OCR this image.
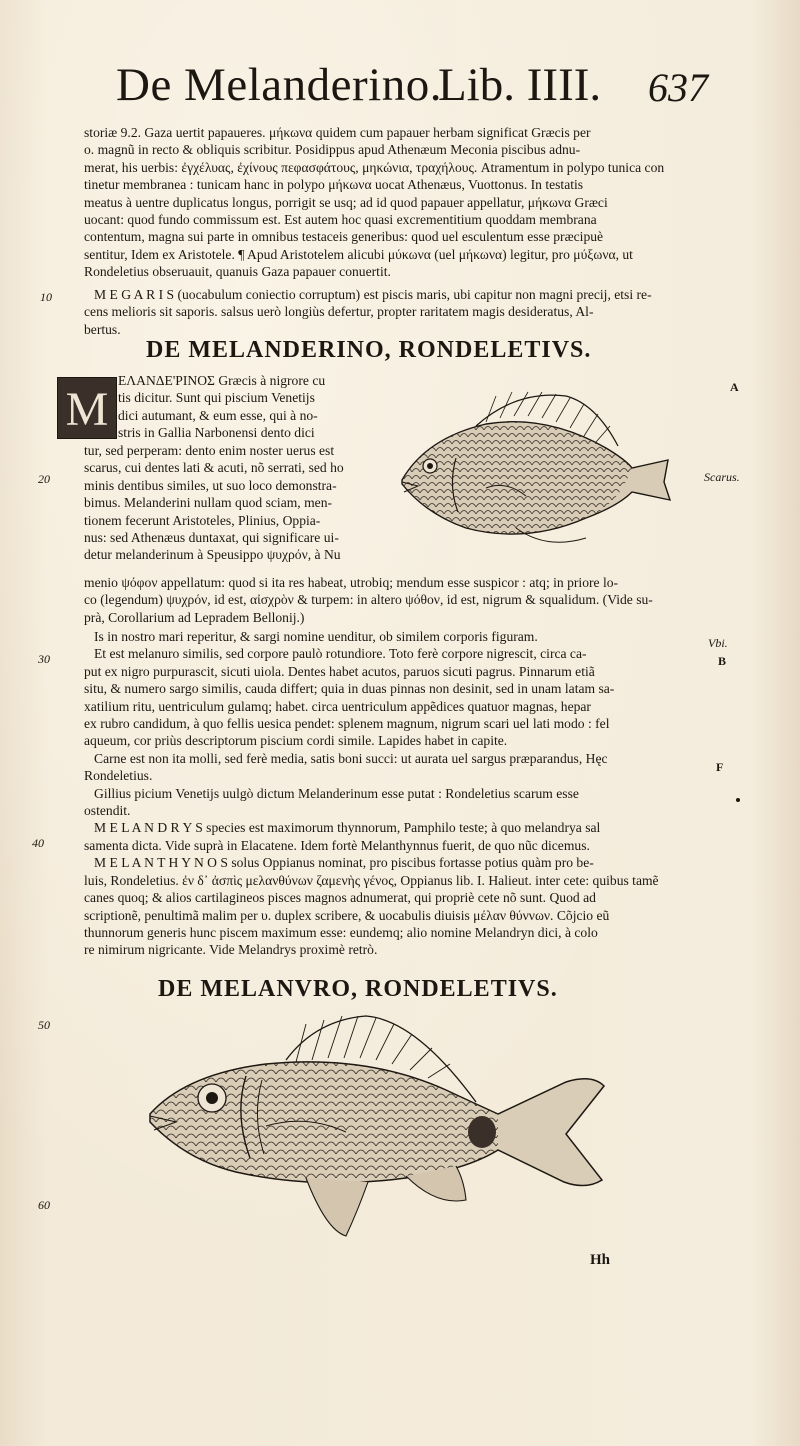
De Melanderino.
Lib. IIII. 637
storiæ 9.2. Gaza uertit papaueres. μήκωνα quidem cum papauer herbam significat Græcis per
o. magnũ in recto & obliquis scribitur. Posidippus apud Athenæum Meconia piscibus adnu-
merat, his uerbis: ἐγχέλυας, ἐχίνους πεφασφάτους, μηκώνια, τραχήλους. Atramentum in polypo tunica con
tinetur membranea : tunicam hanc in polypo μήκωνα uocat Athenæus, Vuottonus. In testatis
meatus à uentre duplicatus longus, porrigit se usq; ad id quod papauer appellatur, μήκωνα Græci
uocant: quod fundo commissum est. Est autem hoc quasi excrementitium quoddam membrana
contentum, magna sui parte in omnibus testaceis generibus: quod uel esculentum esse præcipuè
sentitur, Idem ex Aristotele. ¶ Apud Aristotelem alicubi μύκωνα (uel μήκωνα) legitur, pro μύξωνα, ut
Rondeletius obseruauit, quanuis Gaza papauer conuertit.
10	M E G A R I S (uocabulum coniectio corruptum) est piscis maris, ubi capitur non magni precij, etsi re-
cens melioris sit saporis. salsus uerò longiùs defertur, propter raritatem magis desideratus, Al-
bertus.
DE MELANDERINO, RONDELETIVS.
M
ΕΛΑΝΔΕ'ΡΙΝΟΣ Græcis à nigrore cu
tis dicitur. Sunt qui piscium Venetijs
dici autumant, & eum esse, qui à no-
stris in Gallia Narbonensi dento dici
tur, sed perperam: dento enim noster uerus est
scarus, cui dentes lati & acuti, nõ serrati, sed ho
minis dentibus similes, ut suo loco demonstra-
bimus. Melanderini nullam quod sciam, men-
tionem fecerunt Aristoteles, Plinius, Oppia-
nus: sed Athenæus duntaxat, qui significare ui-
detur melanderinum à Speusippo ψυχρόν, à Nu
20
A
Scarus.
menio ψόφον appellatum: quod si ita res habeat, utrobiq; mendum esse suspicor : atq; in priore lo-
co (legendum) ψυχρόν, id est, αἰσχρὸν & turpem: in altero ψόθον, id est, nigrum & squalidum. (Vide su-
prà, Corollarium ad Lepradem Bellonij.)
Is in nostro mari reperitur, & sargi nomine uenditur, ob similem corporis figuram.
Et est melanuro similis, sed corpore paulò rotundiore. Toto ferè corpore nigrescit, circa ca-
put ex nigro purpurascit, sicuti uiola. Dentes habet acutos, paruos sicuti pagrus. Pinnarum etiã
situ, & numero sargo similis, cauda differt; quia in duas pinnas non desinit, sed in unam latam sa-
xatilium ritu, uentriculum gulamq; habet. circa uentriculum appẽdices quatuor magnas, hepar
ex rubro candidum, à quo fellis uesica pendet: splenem magnum, nigrum scari uel lati modo : fel
aqueum, cor priùs descriptorum piscium cordi simile. Lapides habet in capite.
Carne est non ita molli, sed ferè media, satis boni succi: ut aurata uel sargus præparandus, Hęc
Rondeletius.
Gillius picium Venetijs uulgò dictum Melanderinum esse putat : Rondeletius scarum esse
ostendit.
M E L A N D R Y S species est maximorum thynnorum, Pamphilo teste; à quo melandrya sal
samenta dicta. Vide suprà in Elacatene. Idem fortè Melanthynnus fuerit, de quo nũc dicemus.
M E L A N T H Y N O S solus Oppianus nominat, pro piscibus fortasse potius quàm pro be-
luis, Rondeletius. ἐν δ᾽ ἀσπὶς μελανθύνων ζαμενὴς γένος, Oppianus lib. I. Halieut. inter cete: quibus tamẽ
canes quoq; & alios cartilagineos pisces magnos adnumerat, qui propriè cete nõ sunt. Quod ad
scriptionẽ, penultimã malim per υ. duplex scribere, & uocabulis diuisis μέλαν θύννων. Cõjcio eũ
thunnorum generis hunc piscem maximum esse: eundemq; alio nomine Melandryn dici, à colo
re nimirum nigricante. Vide Melandrys proximè retrò.
30
40
Vbi.
B
F
DE MELANVRO, RONDELETIVS.
50
60
Hh
